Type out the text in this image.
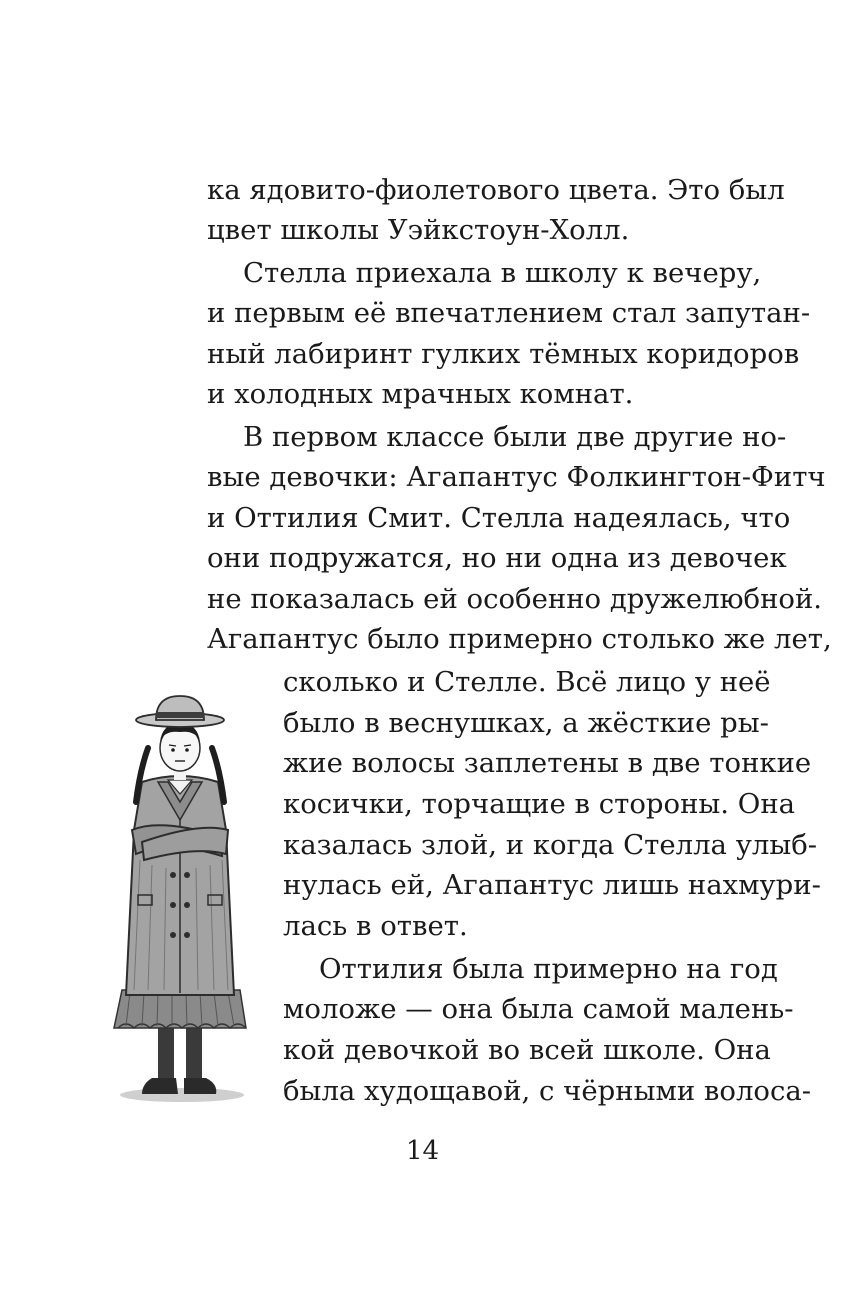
ка ядовито-фиолетового цвета. Это был
цвет школы Уэйкстоун-Холл.
Стелла приехала в школу к вечеру,
и первым её впечатлением стал запутан-
ный лабиринт гулких тёмных коридоров
и холодных мрачных комнат.
В первом классе были две другие но-
вые девочки: Агапантус Фолкингтон-Фитч
и Оттилия Смит. Стелла надеялась, что
они подружатся, но ни одна из девочек
не показалась ей особенно дружелюбной.
Агапантус было примерно столько же лет,
сколько и Стелле. Всё лицо у неё
было в веснушках, а жёсткие ры-
жие волосы заплетены в две тонкие
косички, торчащие в стороны. Она
казалась злой, и когда Стелла улыб-
нулась ей, Агапантус лишь нахмури-
лась в ответ.
Оттилия была примерно на год
моложе — она была самой малень-
кой девочкой во всей школе. Она
была худощавой, с чёрными волоса-
14
